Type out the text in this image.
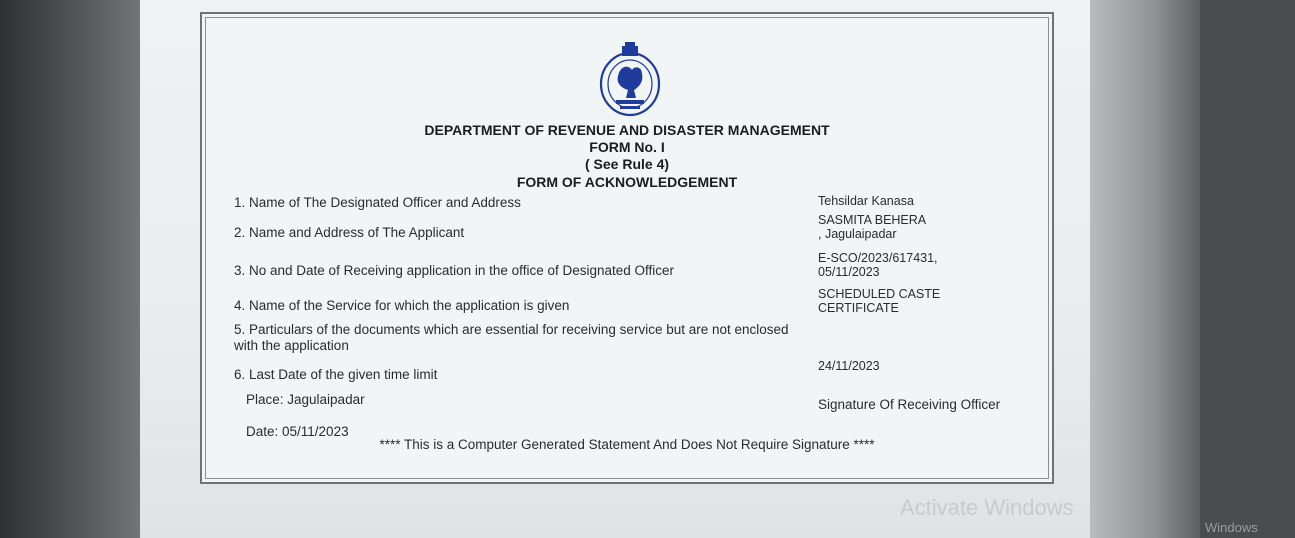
Activate Windows
Windows
DEPARTMENT OF REVENUE AND DISASTER MANAGEMENT
FORM No. I
( See Rule 4)
FORM OF ACKNOWLEDGEMENT
1. Name of The Designated Officer and Address	Tehsildar Kanasa
2. Name and Address of The Applicant
SASMITA BEHERA
, Jagulaipadar
3. No and Date of Receiving application in the office of Designated Officer
E-SCO/2023/617431,
05/11/2023
4. Name of the Service for which the application is given
SCHEDULED CASTE
CERTIFICATE
5. Particulars of the documents which are essential for receiving service but are not enclosed
with the application
6. Last Date of the given time limit
24/11/2023
Place: Jagulaipadar	Signature Of Receiving Officer
Date: 05/11/2023
**** This is a Computer Generated Statement And Does Not Require Signature ****
